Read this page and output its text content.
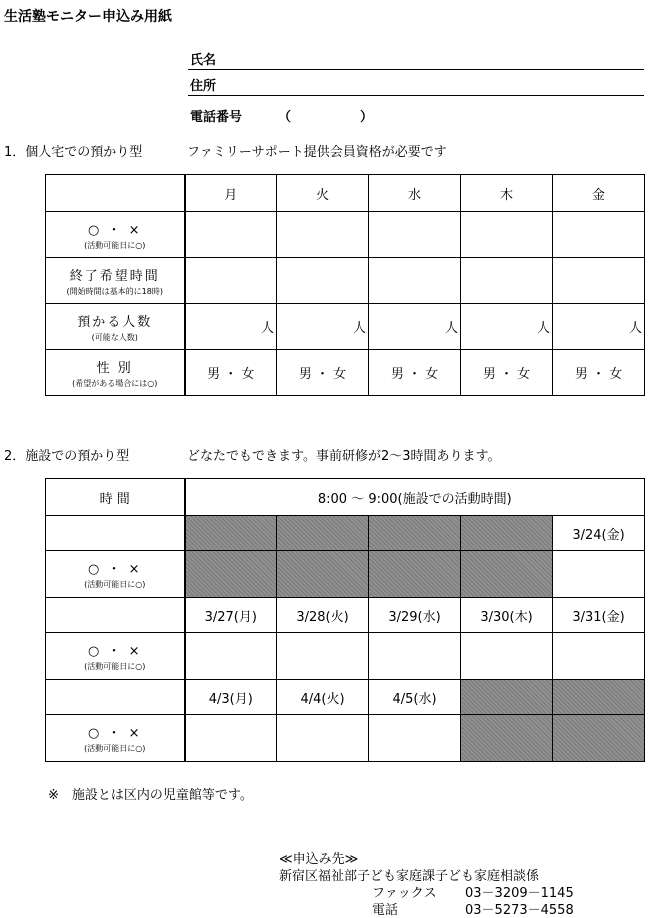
生活塾モニター申込み用紙
氏名
住所
電話番号	（	）
1．個人宅での預かり型	ファミリーサポート提供会員資格が必要です
	月	火	水	木	金

○ ・ ×
(活動可能日に○)					

終了希望時間
(開始時間は基本的に18時)					

預かる人数
(可能な人数)	人	人	人	人	人

性 別
(希望がある場合には○)	男 ・ 女	男 ・ 女	男 ・ 女	男 ・ 女	男 ・ 女
2．施設での預かり型	どなたでもできます。事前研修が2～3時間あります。
時 間	8:00 ～ 9:00(施設での活動時間)				
					3/24(金)

○ ・ ×
(活動可能日に○)					

	3/27(月)	3/28(火)	3/29(水)	3/30(木)	3/31(金)

○ ・ ×
(活動可能日に○)					

	4/3(月)	4/4(火)	4/5(水)		

○ ・ ×
(活動可能日に○)					

※　施設とは区内の児童館等です。
≪申込み先≫
新宿区福祉部子ども家庭課子ども家庭相談係
ファックス 03－3209－1145
電話	03－5273－4558
